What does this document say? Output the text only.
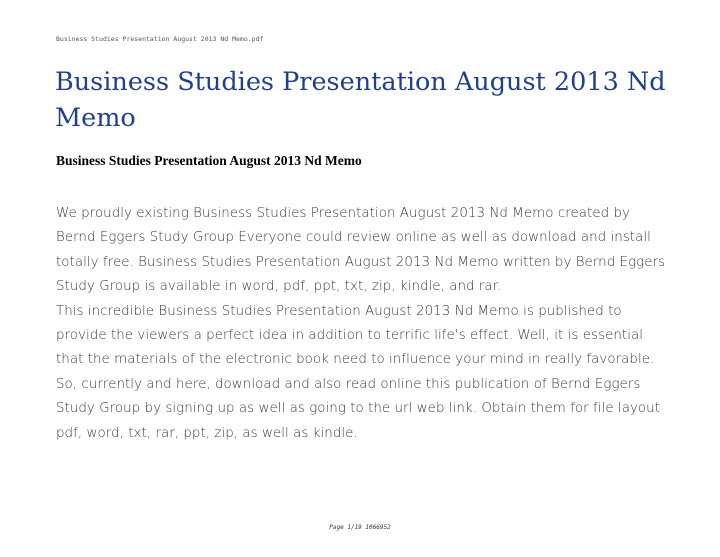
Business Studies Presentation August 2013 Nd Memo.pdf
Business Studies Presentation August 2013 Nd Memo
Business Studies Presentation August 2013 Nd Memo

We proudly existing Business Studies Presentation August 2013 Nd Memo created by Bernd Eggers Study Group Everyone could review online as well as download and install totally free. Business Studies Presentation August 2013 Nd Memo written by Bernd Eggers Study Group is available in word, pdf, ppt, txt, zip, kindle, and rar.

This incredible Business Studies Presentation August 2013 Nd Memo is published to provide the viewers a perfect idea in addition to terrific life's effect. Well, it is essential that the materials of the electronic book need to influence your mind in really favorable. So, currently and here, download and also read online this publication of Bernd Eggers Study Group by signing up as well as going to the url web link. Obtain them for file layout pdf, word, txt, rar, ppt, zip, as well as kindle.

Page 1/19 1066952
